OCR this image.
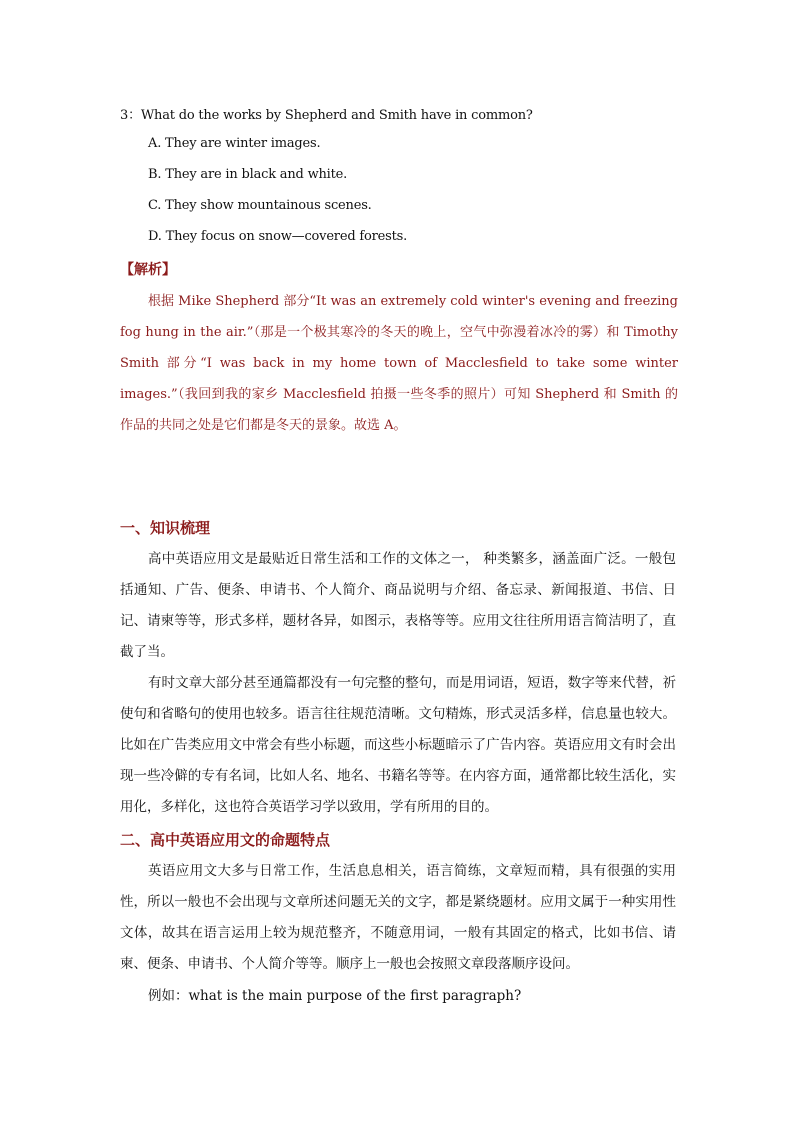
3：What do the works by Shepherd and Smith have in common?
A. They are winter images.
B. They are in black and white.
C. They show mountainous scenes.
D. They focus on snow—covered forests.
【解析】
根据 Mike Shepherd 部分“It was an extremely cold winter's evening and freezing fog hung in the air.”（那是一个极其寒冷的冬天的晚上，空气中弥漫着冰冷的雾）和 Timothy Smith 部分“I was back in my home town of Macclesfield to take some winter images.”（我回到我的家乡 Macclesfield 拍摄一些冬季的照片）可知 Shepherd 和 Smith 的作品的共同之处是它们都是冬天的景象。故选 A。
一、知识梳理
高中英语应用文是最贴近日常生活和工作的文体之一， 种类繁多，涵盖面广泛。一般包括通知、广告、便条、申请书、个人简介、商品说明与介绍、备忘录、新闻报道、书信、日记、请柬等等，形式多样，题材各异，如图示，表格等等。应用文往往所用语言简洁明了，直截了当。
有时文章大部分甚至通篇都没有一句完整的整句，而是用词语，短语，数字等来代替，祈使句和省略句的使用也较多。语言往往规范清晰。文句精炼，形式灵活多样，信息量也较大。比如在广告类应用文中常会有些小标题，而这些小标题暗示了广告内容。英语应用文有时会出现一些冷僻的专有名词，比如人名、地名、书籍名等等。在内容方面，通常都比较生活化，实用化，多样化，这也符合英语学习学以致用，学有所用的目的。
二、高中英语应用文的命题特点
英语应用文大多与日常工作，生活息息相关，语言简练，文章短而精，具有很强的实用性，所以一般也不会出现与文章所述问题无关的文字，都是紧绕题材。应用文属于一种实用性文体，故其在语言运用上较为规范整齐，不随意用词，一般有其固定的格式，比如书信、请柬、便条、申请书、个人简介等等。顺序上一般也会按照文章段落顺序设问。
例如：what is the main purpose of the first paragraph?
